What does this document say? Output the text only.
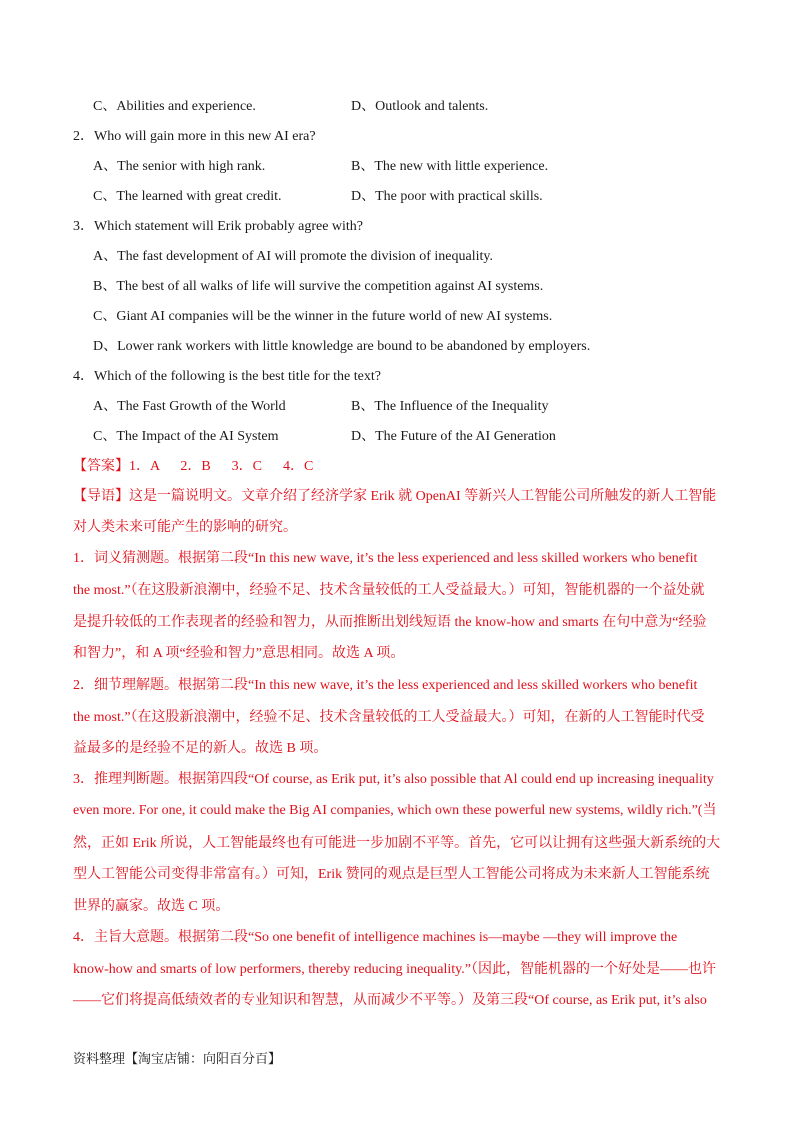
C、Abilities and experience.	D、Outlook and talents.
2．Who will gain more in this new AI era?
A、The senior with high rank.	B、The new with little experience.
C、The learned with great credit.	D、The poor with practical skills.
3．Which statement will Erik probably agree with?
A、The fast development of AI will promote the division of inequality.
B、The best of all walks of life will survive the competition against AI systems.
C、Giant AI companies will be the winner in the future world of new AI systems.
D、Lower rank workers with little knowledge are bound to be abandoned by employers.
4．Which of the following is the best title for the text?
A、The Fast Growth of the World	B、The Influence of the Inequality
C、The Impact of the AI System	D、The Future of the AI Generation
【答案】1．A      2．B      3．C      4．C
【导语】这是一篇说明文。文章介绍了经济学家 Erik 就 OpenAI 等新兴人工智能公司所触发的新人工智能
对人类未来可能产生的影响的研究。
1．词义猜测题。根据第二段“In this new wave, it’s the less experienced and less skilled workers who benefit
the most.”（在这股新浪潮中，经验不足、技术含量较低的工人受益最大。）可知，智能机器的一个益处就
是提升较低的工作表现者的经验和智力，从而推断出划线短语 the know-how and smarts 在句中意为“经验
和智力”，和 A 项“经验和智力”意思相同。故选 A 项。
2．细节理解题。根据第二段“In this new wave, it’s the less experienced and less skilled workers who benefit
the most.”（在这股新浪潮中，经验不足、技术含量较低的工人受益最大。）可知，在新的人工智能时代受
益最多的是经验不足的新人。故选 B 项。
3．推理判断题。根据第四段“Of course, as Erik put, it’s also possible that Al could end up increasing inequality
even more. For one, it could make the Big AI companies, which own these powerful new systems, wildly rich.”(当
然，正如 Erik 所说，人工智能最终也有可能进一步加剧不平等。首先，它可以让拥有这些强大新系统的大
型人工智能公司变得非常富有。）可知，Erik 赞同的观点是巨型人工智能公司将成为未来新人工智能系统
世界的赢家。故选 C 项。
4．主旨大意题。根据第二段“So one benefit of intelligence machines is—maybe —they will improve the
know-how and smarts of low performers, thereby reducing inequality.”（因此，智能机器的一个好处是——也许
——它们将提高低绩效者的专业知识和智慧，从而减少不平等。）及第三段“Of course, as Erik put, it’s also
资料整理【淘宝店铺：向阳百分百】
